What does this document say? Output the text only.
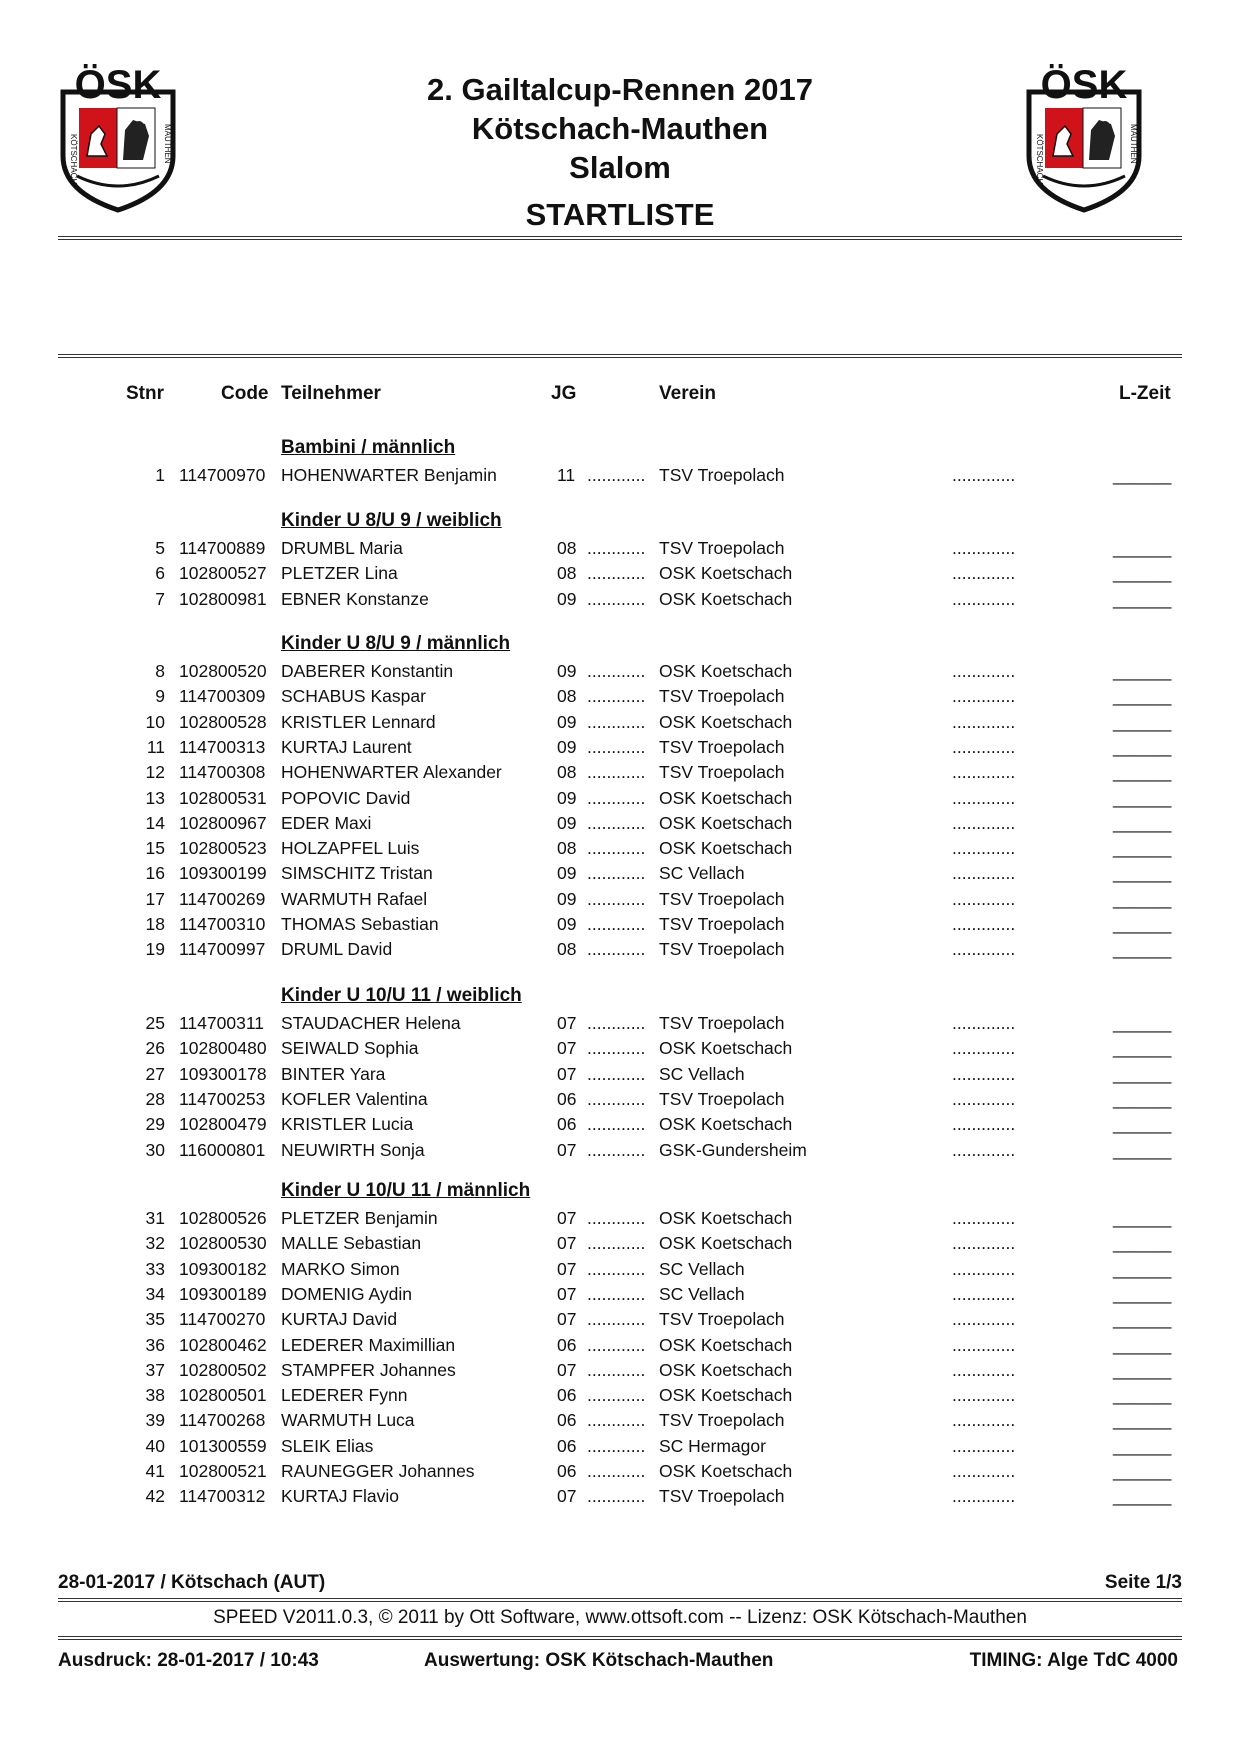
ÖSK
KÖTSCHACH	MAUTHEN
ÖSK
KÖTSCHACH	MAUTHEN
2. Gailtalcup-Rennen 2017
Kötschach-Mauthen
Slalom
STARTLISTE
Stnr	Code Teilnehmer	JG	Verein	L-Zeit
Bambini / männlich
1 114700970 HOHENWARTER Benjamin	11 ............ TSV Troepolach	.............	______
Kinder U 8/U 9 / weiblich
5 114700889 DRUMBL Maria	08 ............ TSV Troepolach	.............	______
6 102800527 PLETZER Lina	08 ............ OSK Koetschach	.............	______
7 102800981 EBNER Konstanze	09 ............ OSK Koetschach	.............	______
Kinder U 8/U 9 / männlich
8 102800520 DABERER Konstantin	09 ............ OSK Koetschach	.............	______
9 114700309 SCHABUS Kaspar	08 ............ TSV Troepolach	.............	______
10 102800528 KRISTLER Lennard	09 ............ OSK Koetschach	.............	______
11 114700313 KURTAJ Laurent	09 ............ TSV Troepolach	.............	______
12 114700308 HOHENWARTER Alexander	08 ............ TSV Troepolach	.............	______
13 102800531 POPOVIC David	09 ............ OSK Koetschach	.............	______
14 102800967 EDER Maxi	09 ............ OSK Koetschach	.............	______
15 102800523 HOLZAPFEL Luis	08 ............ OSK Koetschach	.............	______
16 109300199 SIMSCHITZ Tristan	09 ............ SC Vellach	.............	______
17 114700269 WARMUTH Rafael	09 ............ TSV Troepolach	.............	______
18 114700310 THOMAS Sebastian	09 ............ TSV Troepolach	.............	______
19 114700997 DRUML David	08 ............ TSV Troepolach	.............	______
Kinder U 10/U 11 / weiblich
25 114700311 STAUDACHER Helena	07 ............ TSV Troepolach	.............	______
26 102800480 SEIWALD Sophia	07 ............ OSK Koetschach	.............	______
27 109300178 BINTER Yara	07 ............ SC Vellach	.............	______
28 114700253 KOFLER Valentina	06 ............ TSV Troepolach	.............	______
29 102800479 KRISTLER Lucia	06 ............ OSK Koetschach	.............	______
30 116000801 NEUWIRTH Sonja	07 ............ GSK-Gundersheim	.............	______
Kinder U 10/U 11 / männlich
31 102800526 PLETZER Benjamin	07 ............ OSK Koetschach	.............	______
32 102800530 MALLE Sebastian	07 ............ OSK Koetschach	.............	______
33 109300182 MARKO Simon	07 ............ SC Vellach	.............	______
34 109300189 DOMENIG Aydin	07 ............ SC Vellach	.............	______
35 114700270 KURTAJ David	07 ............ TSV Troepolach	.............	______
36 102800462 LEDERER Maximillian	06 ............ OSK Koetschach	.............	______
37 102800502 STAMPFER Johannes	07 ............ OSK Koetschach	.............	______
38 102800501 LEDERER Fynn	06 ............ OSK Koetschach	.............	______
39 114700268 WARMUTH Luca	06 ............ TSV Troepolach	.............	______
40 101300559 SLEIK Elias	06 ............ SC Hermagor	.............	______
41 102800521 RAUNEGGER Johannes	06 ............ OSK Koetschach	.............	______
42 114700312 KURTAJ Flavio	07 ............ TSV Troepolach	.............	______
28-01-2017 / Kötschach (AUT)	Seite 1/3
SPEED V2011.0.3, © 2011 by Ott Software, www.ottsoft.com -- Lizenz: OSK Kötschach-Mauthen
Ausdruck: 28-01-2017 / 10:43	Auswertung: OSK Kötschach-Mauthen	TIMING: Alge TdC 4000
